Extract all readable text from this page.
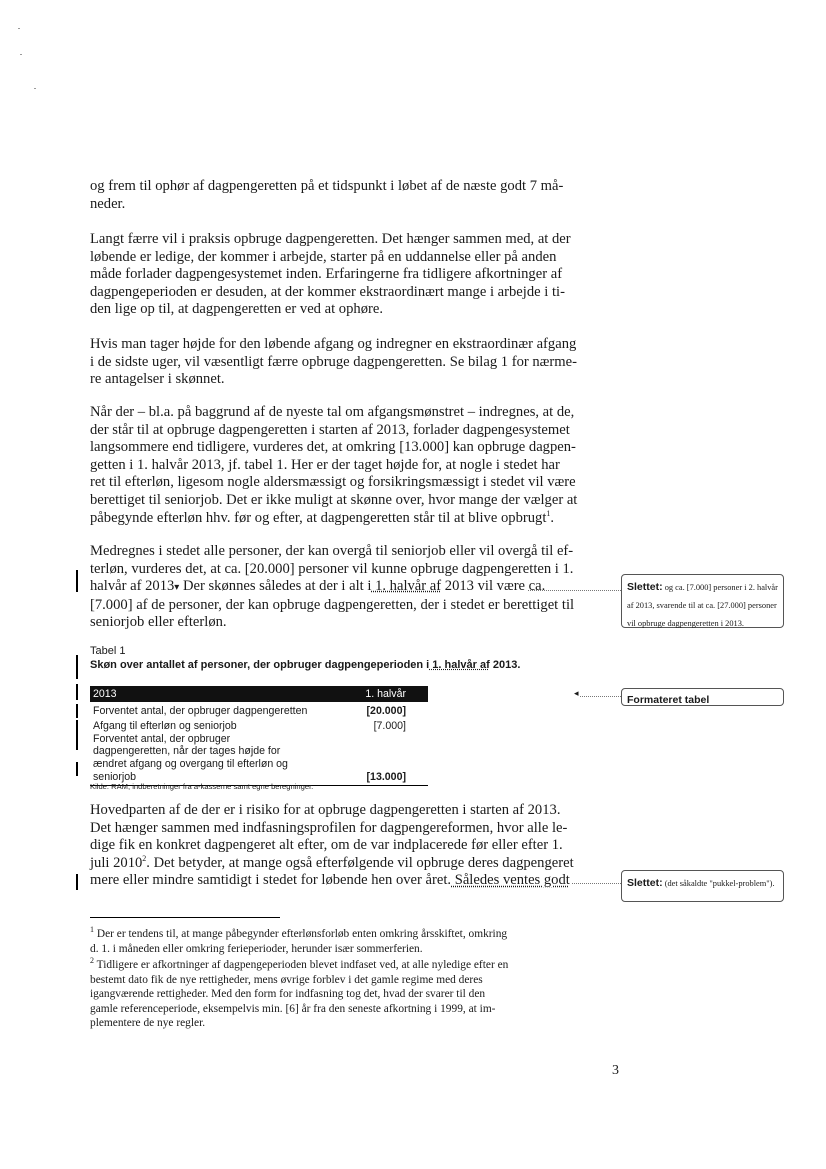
og frem til ophør af dagpengeretten på et tidspunkt i løbet af de næste godt 7 må-
neder.

Langt færre vil i praksis opbruge dagpengeretten. Det hænger sammen med, at der
løbende er ledige, der kommer i arbejde, starter på en uddannelse eller på anden
måde forlader dagpengesystemet inden. Erfaringerne fra tidligere afkortninger af
dagpengeperioden er desuden, at der kommer ekstraordinært mange i arbejde i ti-
den lige op til, at dagpengeretten er ved at ophøre.

Hvis man tager højde for den løbende afgang og indregner en ekstraordinær afgang
i de sidste uger, vil væsentligt færre opbruge dagpengeretten. Se bilag 1 for nærme-
re antagelser i skønnet.

Når der – bl.a. på baggrund af de nyeste tal om afgangsmønstret – indregnes, at de,
der står til at opbruge dagpengeretten i starten af 2013, forlader dagpengesystemet
langsommere end tidligere, vurderes det, at omkring [13.000] kan opbruge dagpen-
getten i 1. halvår 2013, jf. tabel 1. Her er der taget højde for, at nogle i stedet har
ret til efterløn, ligesom nogle aldersmæssigt og forsikringsmæssigt i stedet vil være
berettiget til seniorjob. Det er ikke muligt at skønne over, hvor mange der vælger at
påbegynde efterløn hhv. før og efter, at dagpengeretten står til at blive opbrugt$^1$.

Medregnes i stedet alle personer, der kan overgå til seniorjob eller vil overgå til ef-
terløn, vurderes det, at ca. [20.000] personer vil kunne opbruge dagpengeretten i 1.
halvår af 2013▾ Der skønnes således at der i alt i 1. halvår af 2013 vil være ca.
[7.000] af de personer, der kan opbruge dagpengeretten, der i stedet er berettiget til
seniorjob eller efterløn.

Tabel 1

Skøn over antallet af personer, der opbruger dagpengeperioden i 1. halvår af 2013.

2013	1. halvår
Forventet antal, der opbruger dagpengeretten	[20.000]
Afgang til efterløn og seniorjob	[7.000]
Forventet antal, der opbruger dagpengeretten, når der tages højde for ændret afgang og overgang til efterløn og seniorjob	[13.000]

Kilde: RAM, indberetninger fra a-kasserne samt egne beregninger.

Hovedparten af de der er i risiko for at opbruge dagpengeretten i starten af 2013.
Det hænger sammen med indfasningsprofilen for dagpengereformen, hvor alle le-
dige fik en konkret dagpengeret alt efter, om de var indplacerede før eller efter 1.
juli 2010$^2$. Det betyder, at mange også efterfølgende vil opbruge deres dagpengeret
mere eller mindre samtidigt i stedet for løbende hen over året. Således ventes godt

$^1$ Der er tendens til, at mange påbegynder efterlønsforløb enten omkring årsskiftet, omkring
d. 1. i måneden eller omkring ferieperioder, herunder især sommerferien.

$^2$ Tidligere er afkortninger af dagpengeperioden blevet indfaset ved, at alle nyledige efter en
bestemt dato fik de nye rettigheder, mens øvrige forblev i det gamle regime med deres
igangværende rettigheder. Med den form for indfasning tog det, hvad der svarer til den
gamle referenceperiode, eksempelvis min. [6] år fra den seneste afkortning i 1999, at im-
plementere de nye regler.

3

Slettet: og ca. [7.000] personer i 2. halvår af 2013, svarende til at ca. [27.000] personer vil opbruge dagpengeretten i 2013.
◂	Formateret tabel
Slettet: (det såkaldte "pukkel-problem").
